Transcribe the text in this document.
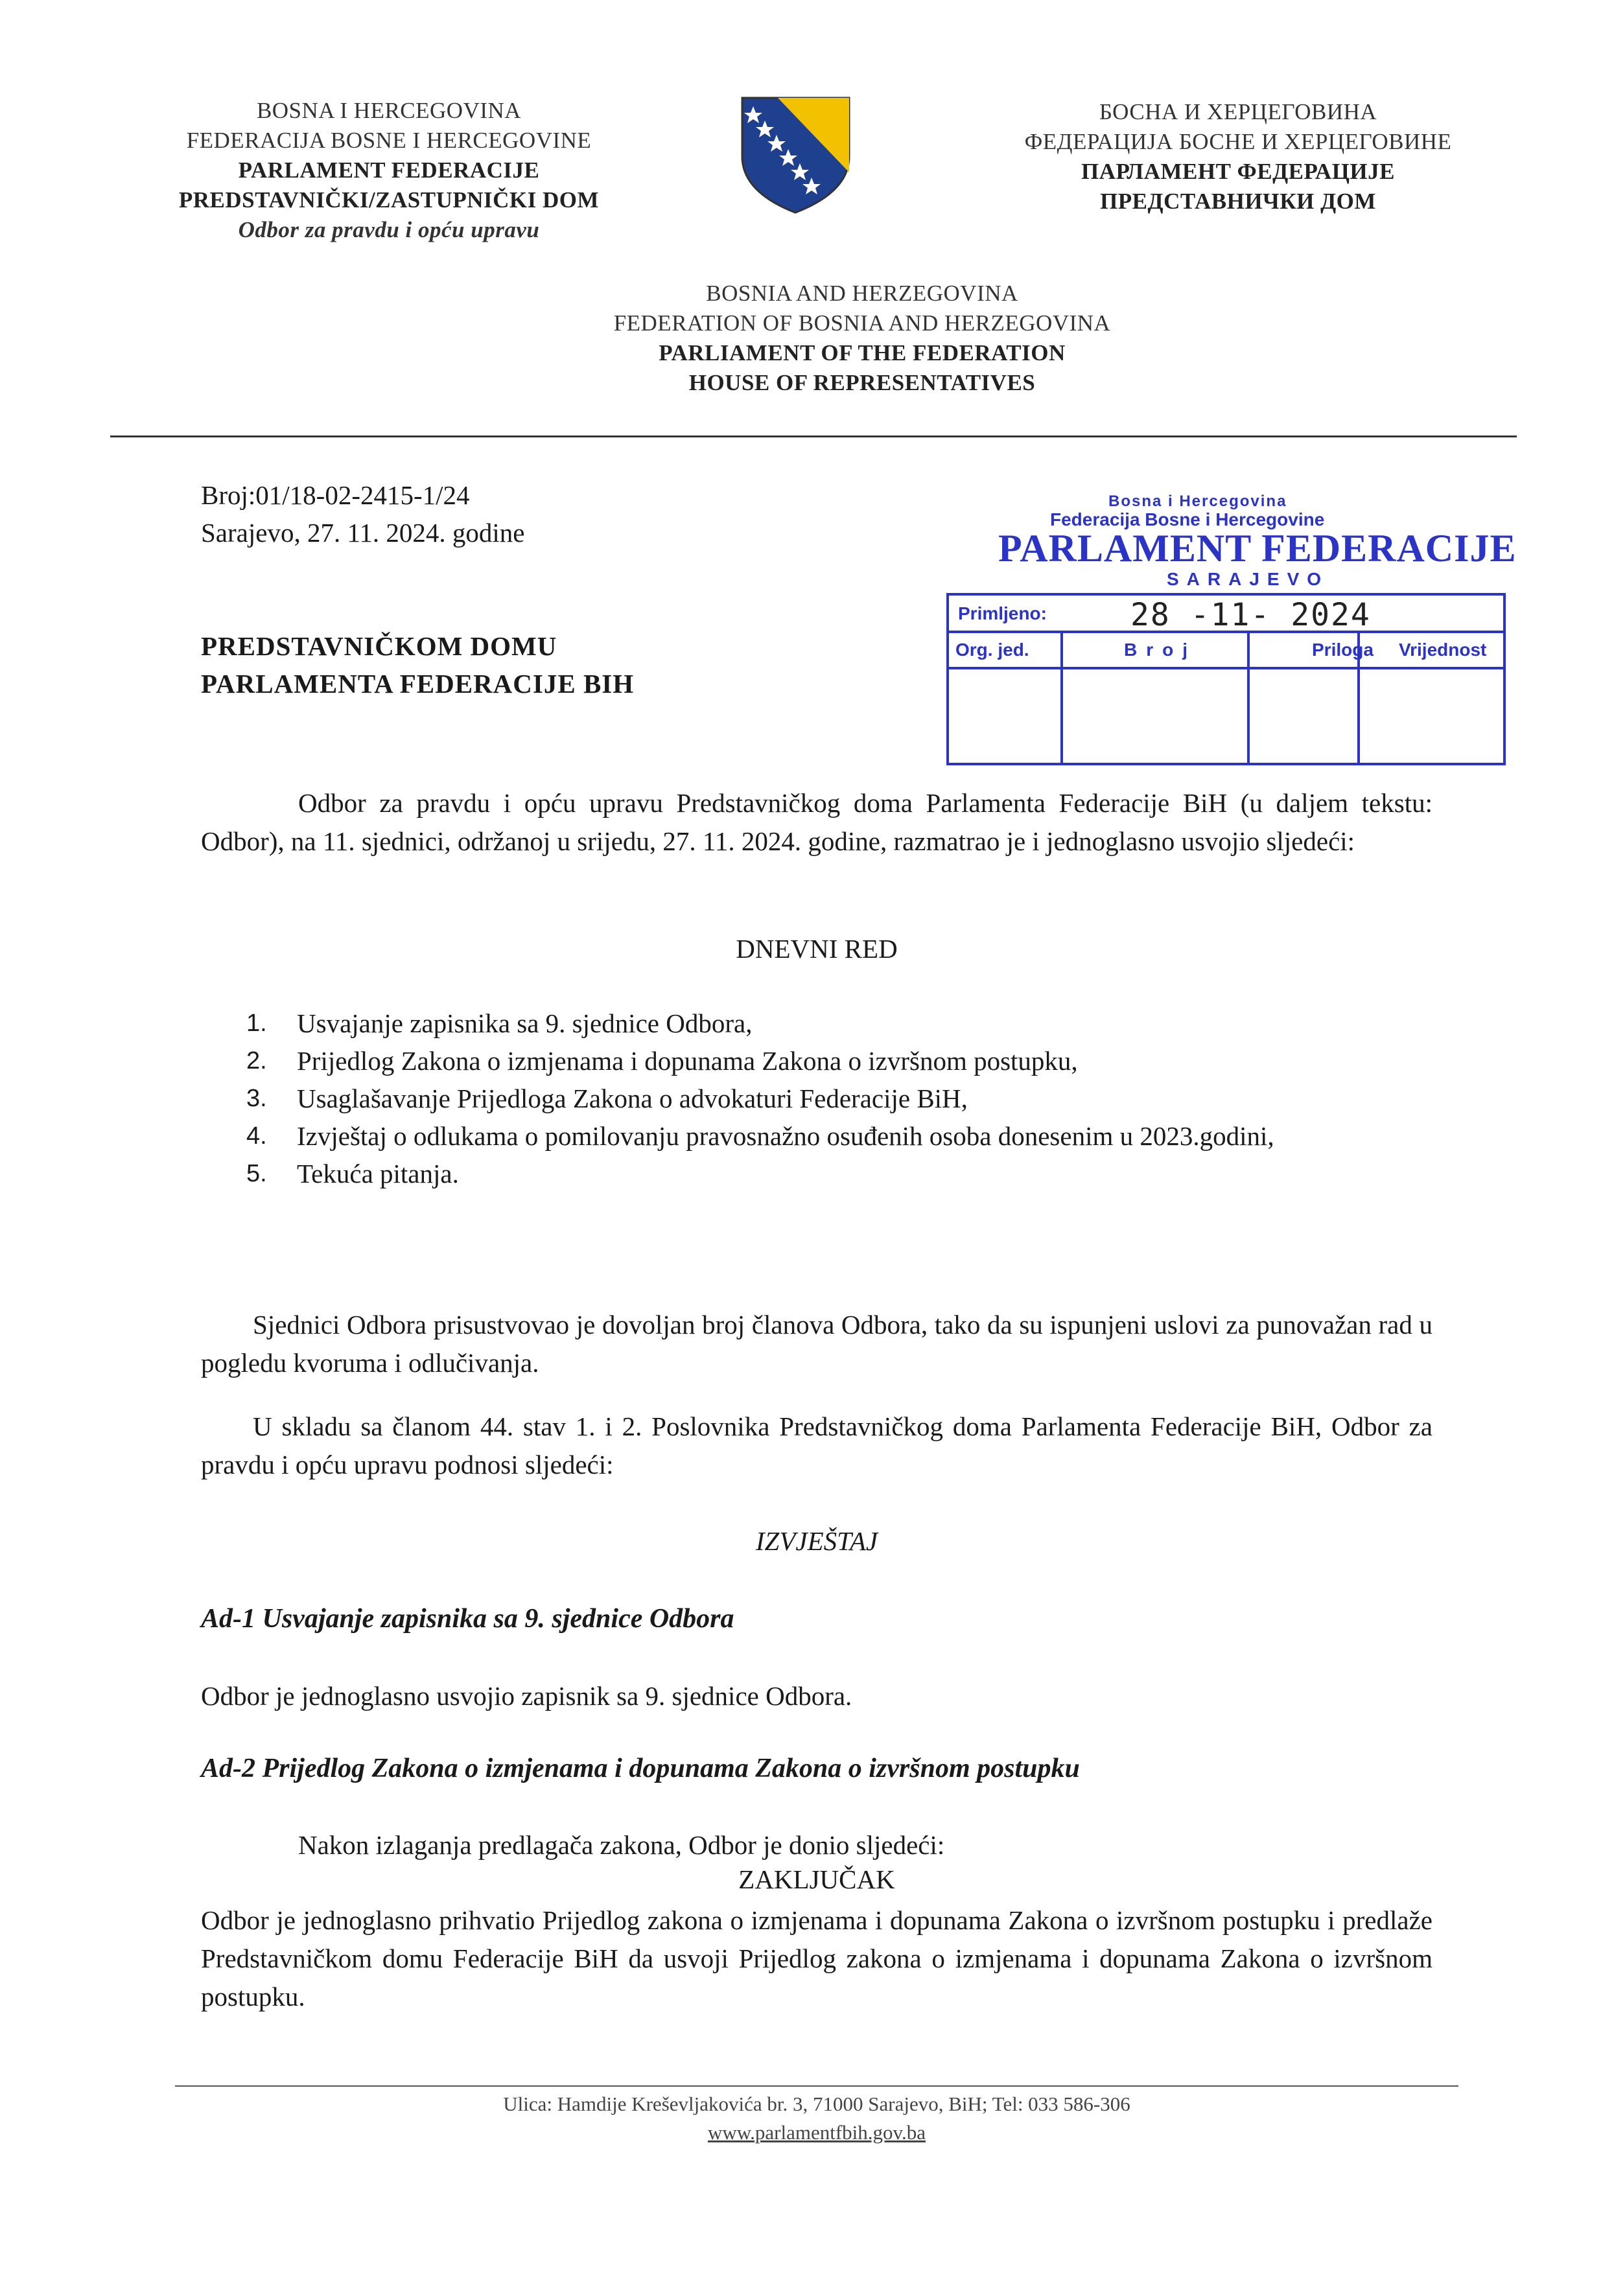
BOSNA I HERCEGOVINA
FEDERACIJA BOSNE I HERCEGOVINE
PARLAMENT FEDERACIJE
PREDSTAVNIČKI/ZASTUPNIČKI DOM
Odbor za pravdu i opću upravu
БОСНА И ХЕРЦЕГОВИНА
ФЕДЕРАЦИЈА БОСНЕ И ХЕРЦЕГОВИНЕ
ПАРЛАМЕНТ ФЕДЕРАЦИЈЕ
ПРЕДСТАВНИЧКИ ДОМ
BOSNIA AND HERZEGOVINA
FEDERATION OF BOSNIA AND HERZEGOVINA
PARLIAMENT OF THE FEDERATION
HOUSE OF REPRESENTATIVES
Broj:01/18-02-2415-1/24
Sarajevo, 27. 11. 2024. godine
PREDSTAVNIČKOM DOMU
PARLAMENTA FEDERACIJE BIH
Bosna i Hercegovina
Federacija Bosne i Hercegovine
PARLAMENT FEDERACIJE
SARAJEVO
Primljeno:	28 -11- 2024
Org. jed.	Broj	Priloga Vrijednost
Odbor za pravdu i opću upravu Predstavničkog doma Parlamenta Federacije BiH (u daljem tekstu: Odbor), na 11. sjednici, održanoj u srijedu, 27. 11. 2024. godine, razmatrao je i jednoglasno usvojio sljedeći:
DNEVNI RED
1. Usvajanje zapisnika sa 9. sjednice Odbora,
2. Prijedlog Zakona o izmjenama i dopunama Zakona o izvršnom postupku,
3. Usaglašavanje Prijedloga Zakona o advokaturi Federacije BiH,
4. Izvještaj o odlukama o pomilovanju pravosnažno osuđenih osoba donesenim u 2023.godini,
5. Tekuća pitanja.
Sjednici Odbora prisustvovao je dovoljan broj članova Odbora, tako da su ispunjeni uslovi za punovažan rad u pogledu kvoruma i odlučivanja.
U skladu sa članom 44. stav 1. i 2. Poslovnika Predstavničkog doma Parlamenta Federacije BiH, Odbor za pravdu i opću upravu podnosi sljedeći:
IZVJEŠTAJ
Ad-1 Usvajanje zapisnika sa 9. sjednice Odbora
Odbor je jednoglasno usvojio zapisnik sa 9. sjednice Odbora.
Ad-2 Prijedlog Zakona o izmjenama i dopunama Zakona o izvršnom postupku
Nakon izlaganja predlagača zakona, Odbor je donio sljedeći:
ZAKLJUČAK
Odbor je jednoglasno prihvatio Prijedlog zakona o izmjenama i dopunama Zakona o izvršnom postupku i predlaže Predstavničkom domu Federacije BiH da usvoji Prijedlog zakona o izmjenama i dopunama Zakona o izvršnom postupku.
Ulica: Hamdije Kreševljakovića br. 3, 71000 Sarajevo, BiH; Tel: 033 586-306
www.parlamentfbih.gov.ba
